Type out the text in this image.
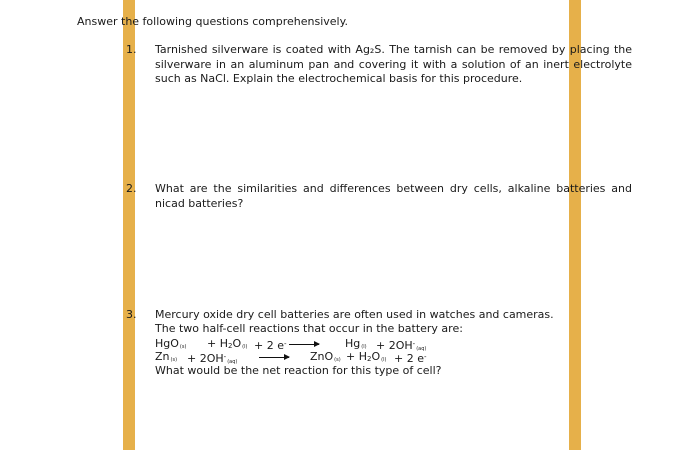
Answer the following questions comprehensively.
1. Tarnished silverware is coated with Ag₂S. The tarnish can be removed by placing the silverware in an aluminum pan and covering it with a solution of an inert electrolyte such as NaCl. Explain the electrochemical basis for this procedure.
2. What are the similarities and differences between dry cells, alkaline batteries and nicad batteries?
3. Mercury oxide dry cell batteries are often used in watches and cameras.
The two half-cell reactions that occur in the battery are:
$HgO_{(s)} + H_2O_{(l)} + 2$ $e^- \to Hg_{(l)} + 2OH^-_{(aq)}$
$Zn_{(s)} + 2OH^-_{(aq)}$	$ZnO_{(s)} + H_2O_{(l)} + 2$ e-
What would be the net reaction for this type of cell?
